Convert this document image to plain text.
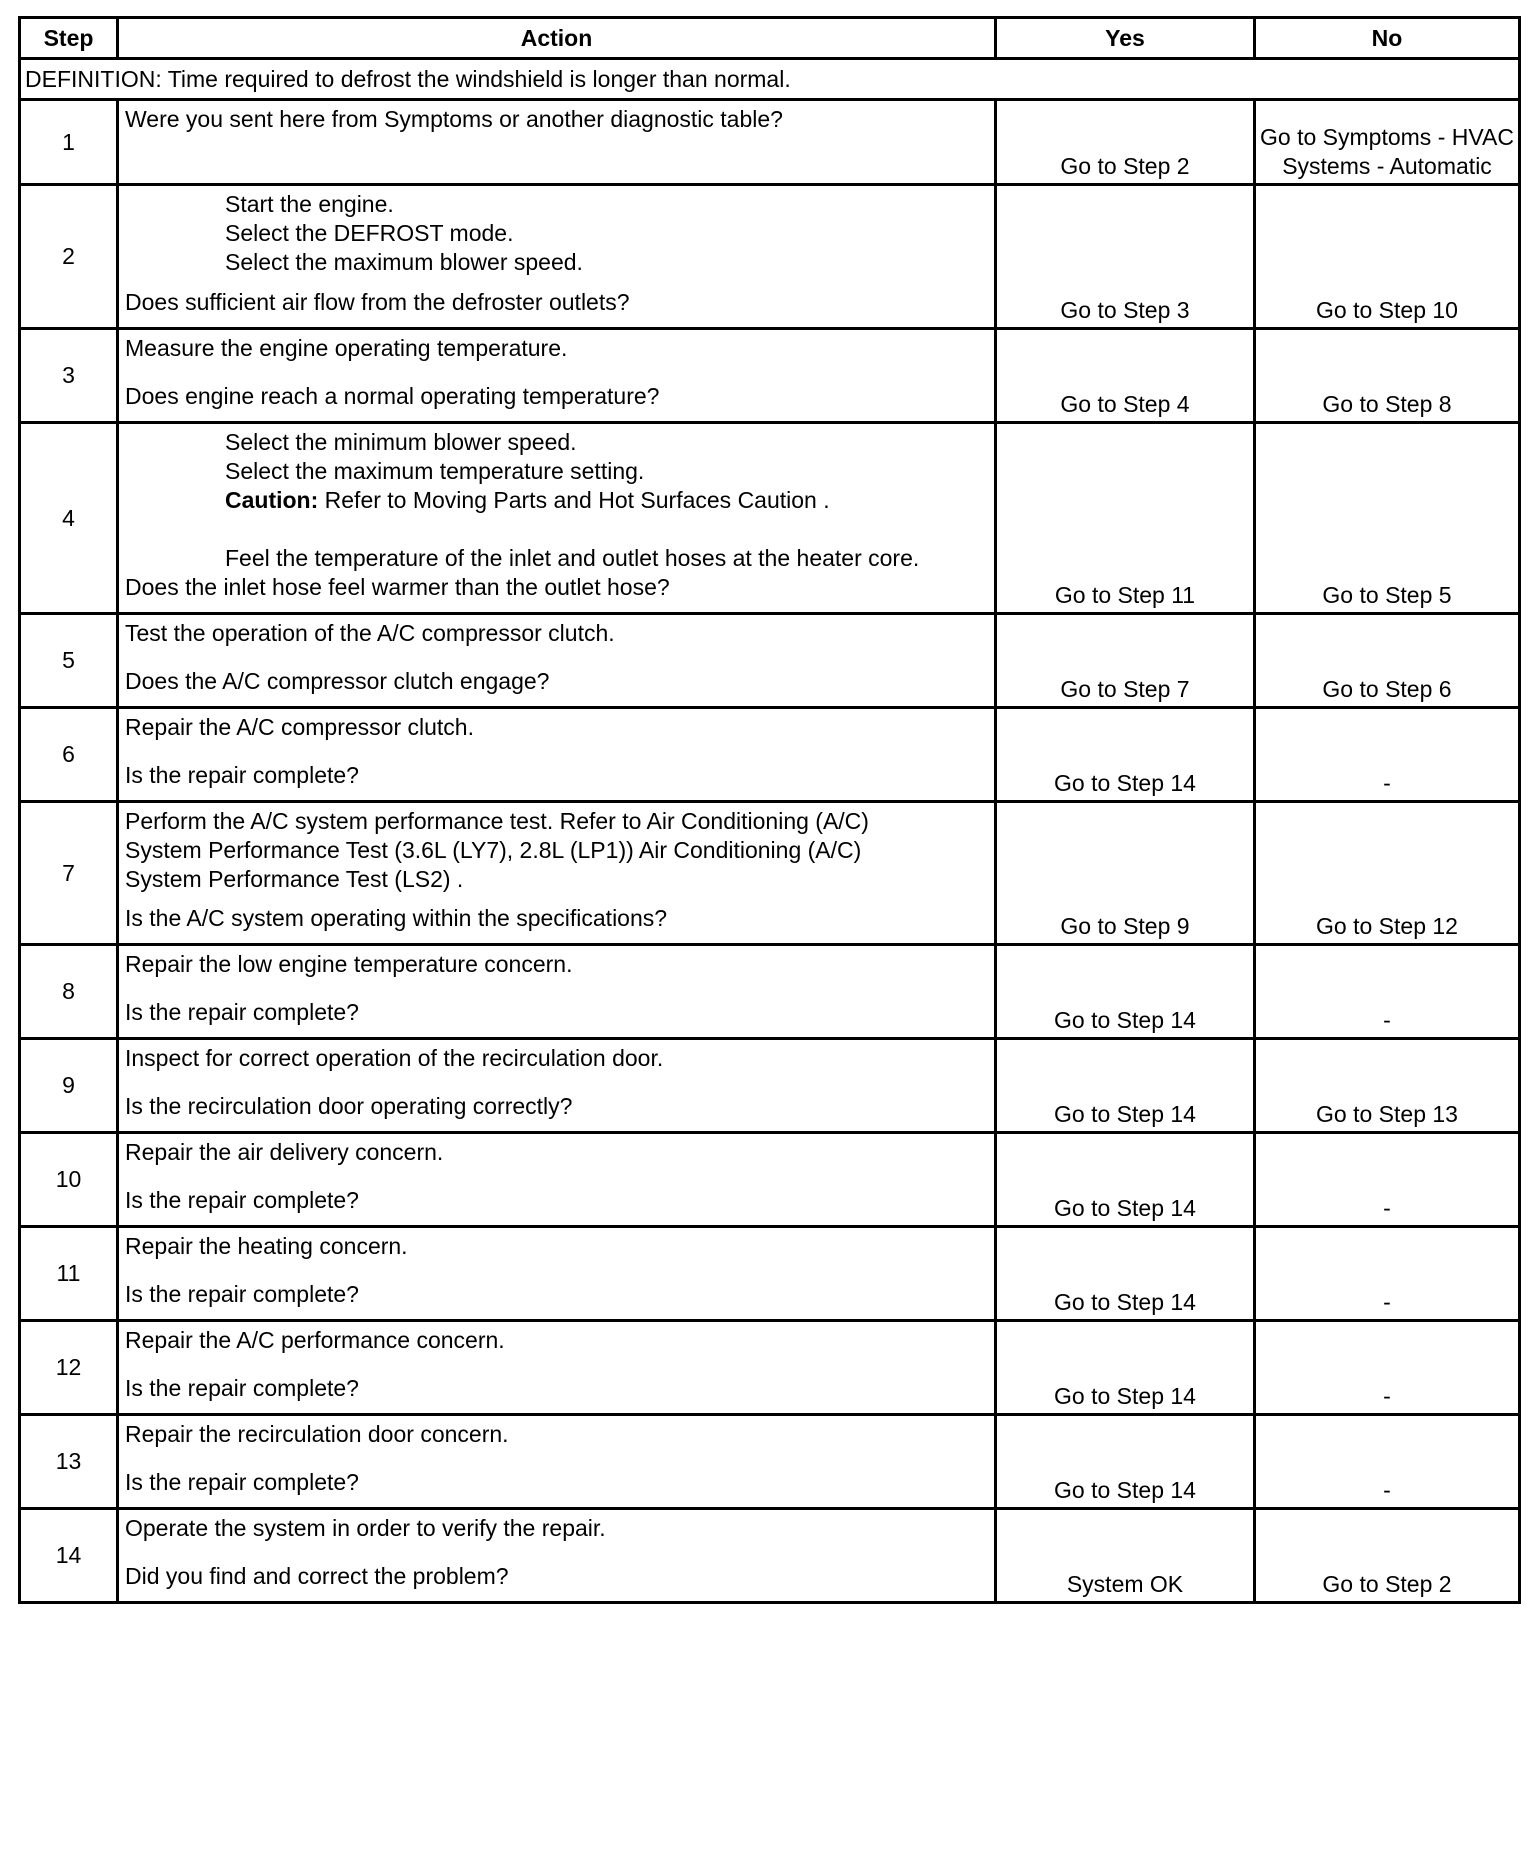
Step	Action	Yes	No
DEFINITION: Time required to defrost the windshield is longer than normal.			
1	Were you sent here from Symptoms or another diagnostic table?	Go to Step 2	Go to Symptoms - HVAC Systems - Automatic
2	Start the engine.
Select the DEFROST mode.
Select the maximum blower speed.
Does sufficient air flow from the defroster outlets?	Go to Step 3	Go to Step 10
3	Measure the engine operating temperature.
Does engine reach a normal operating temperature?	Go to Step 4	Go to Step 8
4	Select the minimum blower speed.
Select the maximum temperature setting.
Caution: Refer to Moving Parts and Hot Surfaces Caution .
Feel the temperature of the inlet and outlet hoses at the heater core.
Does the inlet hose feel warmer than the outlet hose?	Go to Step 11	Go to Step 5
5	Test the operation of the A/C compressor clutch.
Does the A/C compressor clutch engage?	Go to Step 7	Go to Step 6
6	Repair the A/C compressor clutch.
Is the repair complete?	Go to Step 14	-
7	Perform the A/C system performance test. Refer to Air Conditioning (A/C)
System Performance Test (3.6L (LY7), 2.8L (LP1)) Air Conditioning (A/C)
System Performance Test (LS2) .
Is the A/C system operating within the specifications?	Go to Step 9	Go to Step 12
8	Repair the low engine temperature concern.
Is the repair complete?	Go to Step 14	-
9	Inspect for correct operation of the recirculation door.
Is the recirculation door operating correctly?	Go to Step 14	Go to Step 13
10	Repair the air delivery concern.
Is the repair complete?	Go to Step 14	-
11	Repair the heating concern.
Is the repair complete?	Go to Step 14	-
12	Repair the A/C performance concern.
Is the repair complete?	Go to Step 14	-
13	Repair the recirculation door concern.
Is the repair complete?	Go to Step 14	-
14	Operate the system in order to verify the repair.
Did you find and correct the problem?	System OK	Go to Step 2
